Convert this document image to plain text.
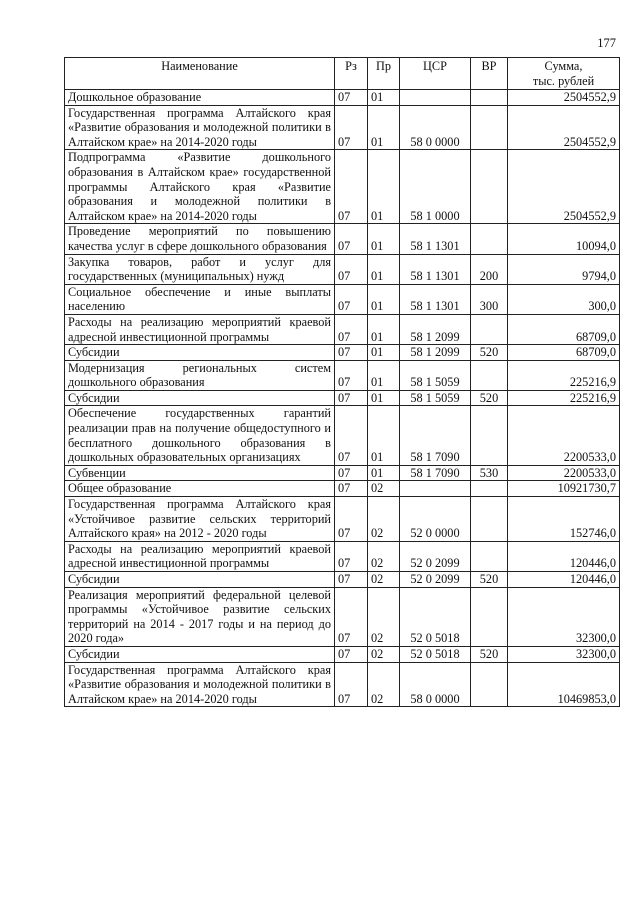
177
Наименование	Рз	Пр	ЦСР	ВР	Сумма,
тыс. рублей
Дошкольное образование	07	01			2504552,9
Государственная программа Алтайского края «Развитие образования и молодежной политики в Алтайском крае» на 2014-2020 годы	07	01	58 0 0000		2504552,9
Подпрограмма «Развитие дошкольного образования в Алтайском крае» государственной программы Алтайского края «Развитие образования и молодежной политики в Алтайском крае» на 2014-2020 годы	07	01	58 1 0000		2504552,9
Проведение мероприятий по повышению качества услуг в сфере дошкольного образования	07	01	58 1 1301		10094,0
Закупка товаров, работ и услуг для государственных (муниципальных) нужд	07	01	58 1 1301	200	9794,0
Социальное обеспечение и иные выплаты населению	07	01	58 1 1301	300	300,0
Расходы на реализацию мероприятий краевой адресной инвестиционной программы	07	01	58 1 2099		68709,0
Субсидии	07	01	58 1 2099	520	68709,0
Модернизация региональных систем дошкольного образования	07	01	58 1 5059		225216,9
Субсидии	07	01	58 1 5059	520	225216,9
Обеспечение государственных гарантий реализации прав на получение общедоступного и бесплатного дошкольного образования в дошкольных образовательных организациях	07	01	58 1 7090		2200533,0
Субвенции	07	01	58 1 7090	530	2200533,0
Общее образование	07	02			10921730,7
Государственная программа Алтайского края «Устойчивое развитие сельских территорий Алтайского края» на 2012 - 2020 годы	07	02	52 0 0000		152746,0
Расходы на реализацию мероприятий краевой адресной инвестиционной программы	07	02	52 0 2099		120446,0
Субсидии	07	02	52 0 2099	520	120446,0
Реализация мероприятий федеральной целевой программы «Устойчивое развитие сельских территорий на 2014 - 2017 годы и на период до 2020 года»	07	02	52 0 5018		32300,0
Субсидии	07	02	52 0 5018	520	32300,0
Государственная программа Алтайского края «Развитие образования и молодежной политики в Алтайском крае» на 2014-2020 годы	07	02	58 0 0000		10469853,0
